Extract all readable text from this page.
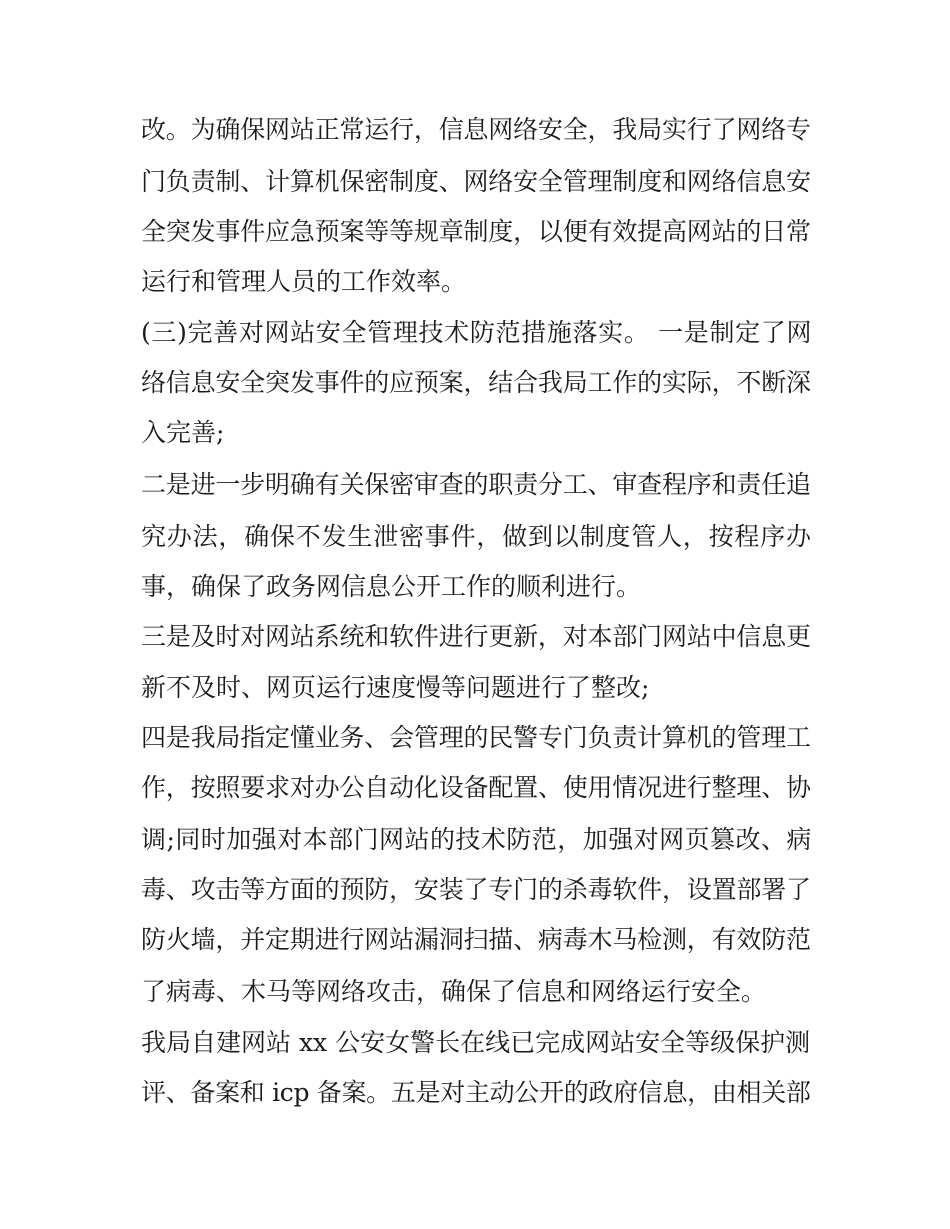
改。为确保网站正常运行，信息网络安全，我局实行了网络专
门负责制、计算机保密制度、网络安全管理制度和网络信息安
全突发事件应急预案等等规章制度，以便有效提高网站的日常
运行和管理人员的工作效率。
(三)完善对网站安全管理技术防范措施落实。 一是制定了网
络信息安全突发事件的应预案，结合我局工作的实际，不断深
入完善;
二是进一步明确有关保密审查的职责分工、审查程序和责任追
究办法，确保不发生泄密事件，做到以制度管人，按程序办
事，确保了政务网信息公开工作的顺利进行。
三是及时对网站系统和软件进行更新，对本部门网站中信息更
新不及时、网页运行速度慢等问题进行了整改;
四是我局指定懂业务、会管理的民警专门负责计算机的管理工
作，按照要求对办公自动化设备配置、使用情况进行整理、协
调;同时加强对本部门网站的技术防范，加强对网页篡改、病
毒、攻击等方面的预防，安装了专门的杀毒软件，设置部署了
防火墙，并定期进行网站漏洞扫描、病毒木马检测，有效防范
了病毒、木马等网络攻击，确保了信息和网络运行安全。
我局自建网站 xx 公安女警长在线已完成网站安全等级保护测
评、备案和 icp 备案。五是对主动公开的政府信息，由相关部
